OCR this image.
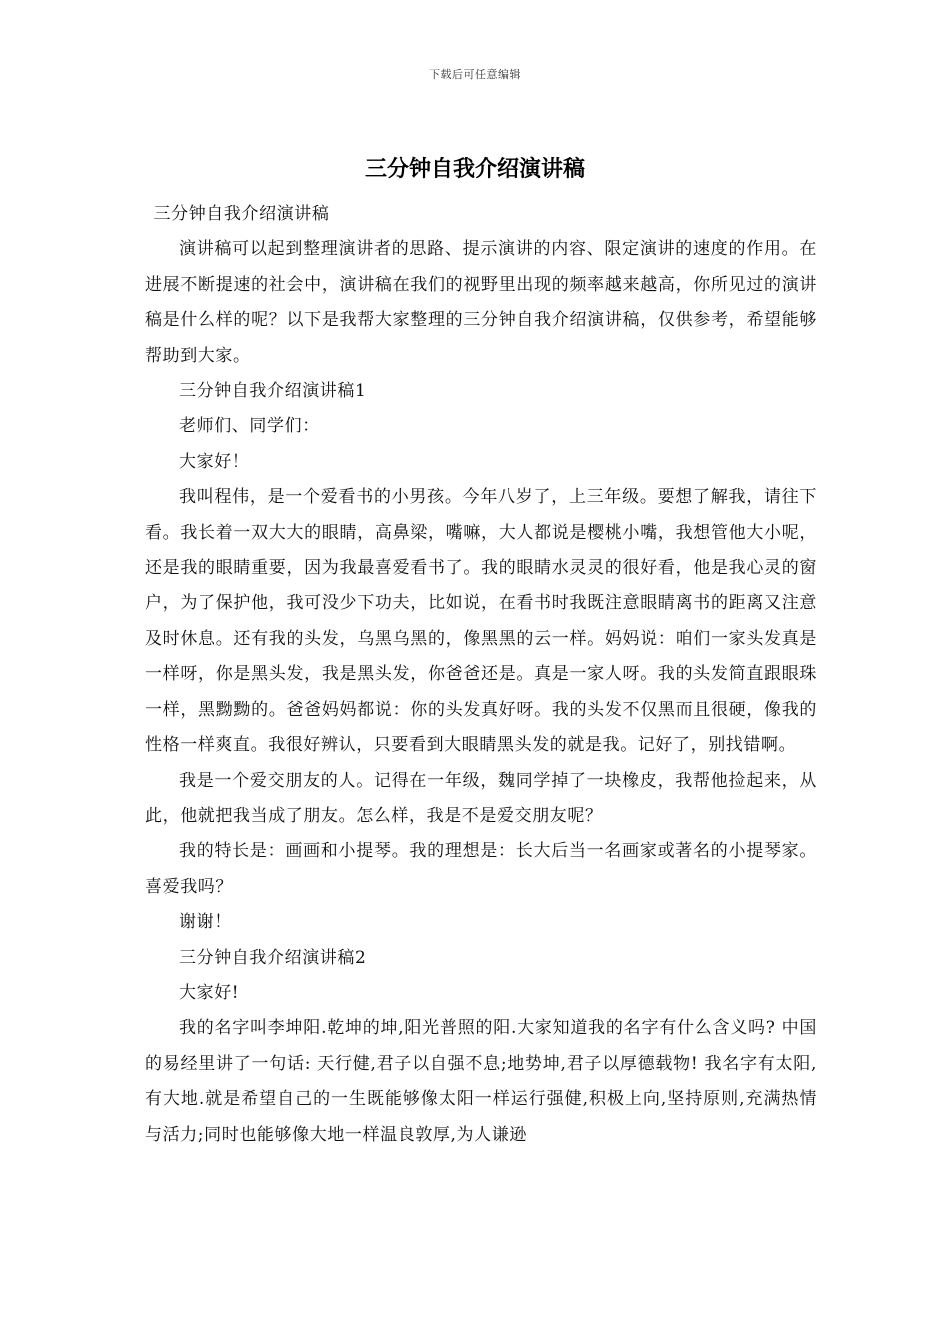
下载后可任意编辑
三分钟自我介绍演讲稿

三分钟自我介绍演讲稿

演讲稿可以起到整理演讲者的思路、提示演讲的内容、限定演讲的速度的作用。在进展不断提速的社会中，演讲稿在我们的视野里出现的频率越来越高，你所见过的演讲稿是什么样的呢？以下是我帮大家整理的三分钟自我介绍演讲稿，仅供参考，希望能够帮助到大家。

三分钟自我介绍演讲稿1

老师们、同学们：

大家好！

我叫程伟，是一个爱看书的小男孩。今年八岁了，上三年级。要想了解我，请往下看。我长着一双大大的眼睛，高鼻梁，嘴嘛，大人都说是樱桃小嘴，我想管他大小呢，还是我的眼睛重要，因为我最喜爱看书了。我的眼睛水灵灵的很好看，他是我心灵的窗户，为了保护他，我可没少下功夫，比如说，在看书时我既注意眼睛离书的距离又注意及时休息。还有我的头发，乌黑乌黑的，像黑黑的云一样。妈妈说：咱们一家头发真是一样呀，你是黑头发，我是黑头发，你爸爸还是。真是一家人呀。我的头发简直跟眼珠一样，黑黝黝的。爸爸妈妈都说：你的头发真好呀。我的头发不仅黑而且很硬，像我的性格一样爽直。我很好辨认，只要看到大眼睛黑头发的就是我。记好了，别找错啊。

我是一个爱交朋友的人。记得在一年级，魏同学掉了一块橡皮，我帮他捡起来，从此，他就把我当成了朋友。怎么样，我是不是爱交朋友呢？

我的特长是：画画和小提琴。我的理想是：长大后当一名画家或著名的小提琴家。喜爱我吗？

谢谢！

三分钟自我介绍演讲稿2

大家好!

我的名字叫李坤阳.乾坤的坤,阳光普照的阳.大家知道我的名字有什么含义吗? 中国的易经里讲了一句话: 天行健,君子以自强不息;地势坤,君子以厚德载物! 我名字有太阳,有大地.就是希望自己的一生既能够像太阳一样运行强健,积极上向,坚持原则,充满热情与活力;同时也能够像大地一样温良敦厚,为人谦逊
